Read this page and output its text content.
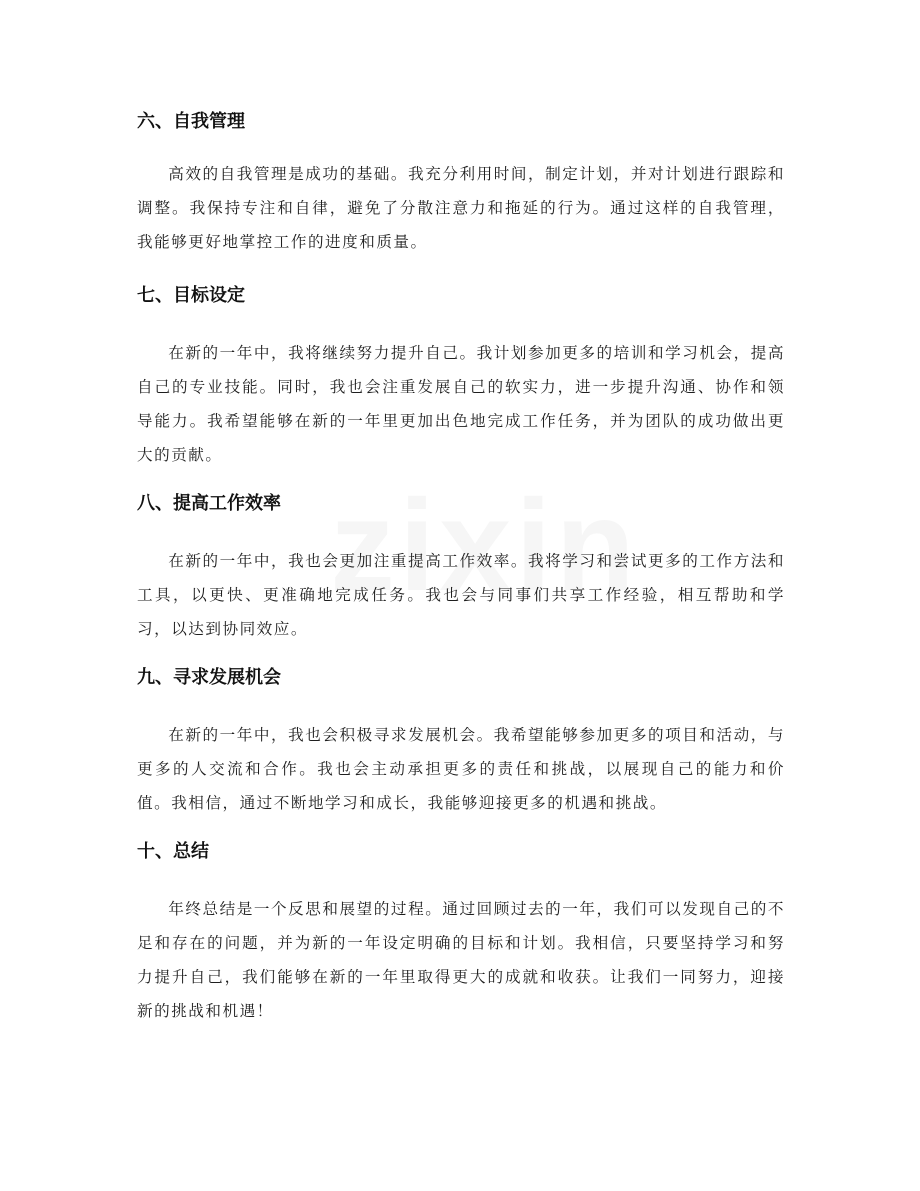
六、自我管理

高效的自我管理是成功的基础。我充分利用时间，制定计划，并对计划进行跟踪和调整。我保持专注和自律，避免了分散注意力和拖延的行为。通过这样的自我管理，我能够更好地掌控工作的进度和质量。

七、目标设定

在新的一年中，我将继续努力提升自己。我计划参加更多的培训和学习机会，提高自己的专业技能。同时，我也会注重发展自己的软实力，进一步提升沟通、协作和领导能力。我希望能够在新的一年里更加出色地完成工作任务，并为团队的成功做出更大的贡献。

八、提高工作效率

在新的一年中，我也会更加注重提高工作效率。我将学习和尝试更多的工作方法和工具，以更快、更准确地完成任务。我也会与同事们共享工作经验，相互帮助和学习，以达到协同效应。

九、寻求发展机会

在新的一年中，我也会积极寻求发展机会。我希望能够参加更多的项目和活动，与更多的人交流和合作。我也会主动承担更多的责任和挑战，以展现自己的能力和价值。我相信，通过不断地学习和成长，我能够迎接更多的机遇和挑战。

十、总结

年终总结是一个反思和展望的过程。通过回顾过去的一年，我们可以发现自己的不足和存在的问题，并为新的一年设定明确的目标和计划。我相信，只要坚持学习和努力提升自己，我们能够在新的一年里取得更大的成就和收获。让我们一同努力，迎接新的挑战和机遇！
